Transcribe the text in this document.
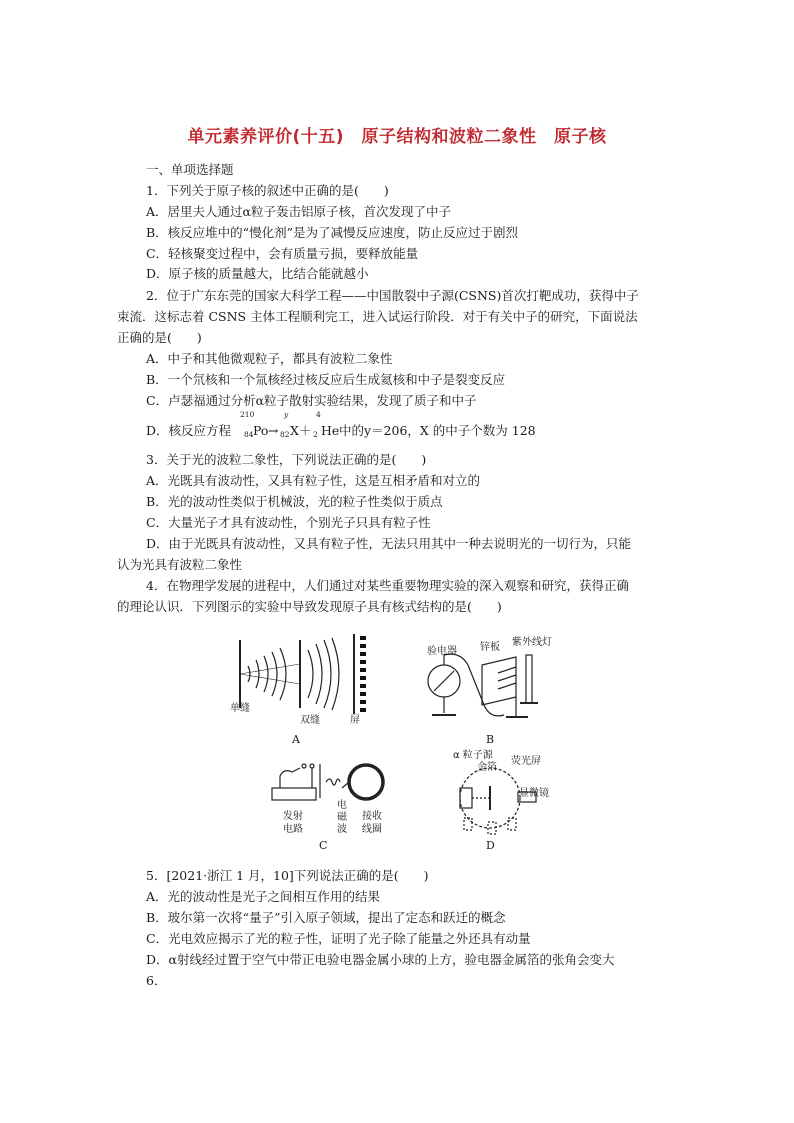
单元素养评价(十五)　原子结构和波粒二象性　原子核
一、单项选择题
1．下列关于原子核的叙述中正确的是(　　)
A．居里夫人通过α粒子轰击铝原子核，首次发现了中子
B．核反应堆中的“慢化剂”是为了减慢反应速度，防止反应过于剧烈
C．轻核聚变过程中，会有质量亏损，要释放能量
D．原子核的质量越大，比结合能就越小
2．位于广东东莞的国家大科学工程——中国散裂中子源(CSNS)首次打靶成功，获得中子
束流．这标志着 CSNS 主体工程顺利完工，进入试运行阶段．对于有关中子的研究，下面说法
正确的是(　　)
A．中子和其他微观粒子，都具有波粒二象性
B．一个氘核和一个氚核经过核反应后生成氦核和中子是裂变反应
C．卢瑟福通过分析α粒子散射实验结果，发现了质子和中子
D．核反应方程
210
84 Po →
y
82 X＋
4
2 He 中的y＝206，X 的中子个数为 128
3．关于光的波粒二象性，下列说法正确的是(　　)
A．光既具有波动性，又具有粒子性，这是互相矛盾和对立的
B．光的波动性类似于机械波，光的粒子性类似于质点
C．大量光子才具有波动性，个别光子只具有粒子性
D．由于光既具有波动性，又具有粒子性，无法只用其中一种去说明光的一切行为，只能
认为光具有波粒二象性
4．在物理学发展的进程中，人们通过对某些重要物理实验的深入观察和研究，获得正确
的理论认识．下列图示的实验中导致发现原子具有核式结构的是(　　)
单缝
双缝	屏
A
验电器 锌板 紫外线灯
B
发射
电路
电
磁
波
接收
线圈
C
α 粒子源
金箔
荧光屏
显微镜
D
5．[2021·浙江 1 月，10]下列说法正确的是(　　)
A．光的波动性是光子之间相互作用的结果
B．玻尔第一次将“量子”引入原子领域，提出了定态和跃迁的概念
C．光电效应揭示了光的粒子性，证明了光子除了能量之外还具有动量
D．α射线经过置于空气中带正电验电器金属小球的上方，验电器金属箔的张角会变大
6．
